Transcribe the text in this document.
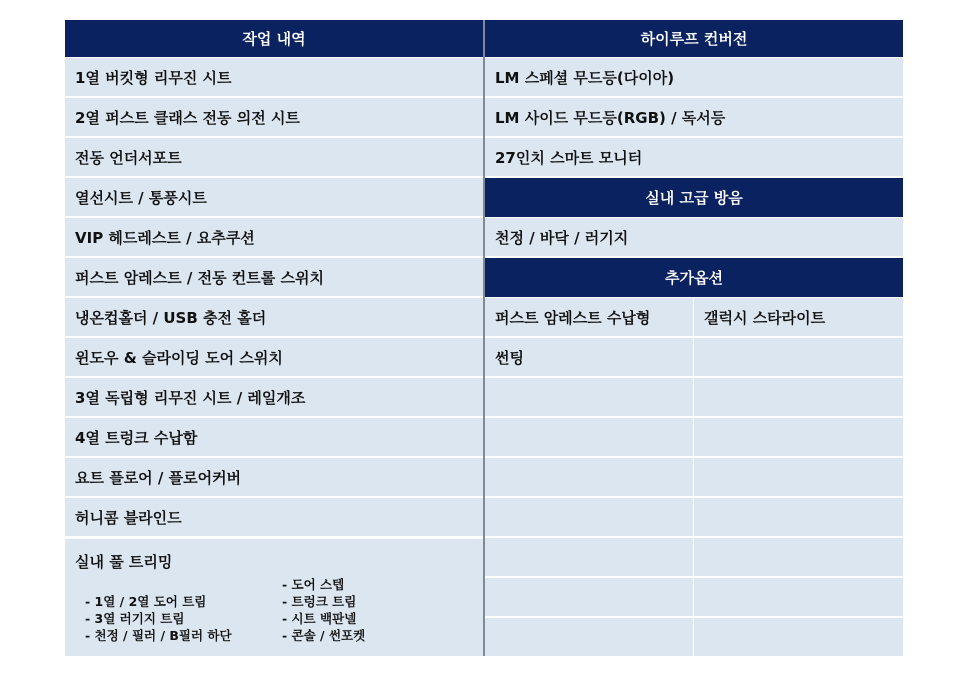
작업 내역
1열 버킷형 리무진 시트
2열 퍼스트 클래스 전동 의전 시트
전동 언더서포트
열선시트 / 통풍시트
VIP 헤드레스트 / 요추쿠션
퍼스트 암레스트 / 전동 컨트롤 스위치
냉온컵홀더 / USB 충전 홀더
윈도우 & 슬라이딩 도어 스위치
3열 독립형 리무진 시트 / 레일개조
4열 트렁크 수납함
요트 플로어 / 플로어커버
허니콤 블라인드
실내 풀 트리밍
- 1열 / 2열 도어 트림
- 3열 러기지 트림
- 천정 / 필러 / B필러 하단
- 도어 스텝
- 트렁크 트림
- 시트 백판넬
- 콘솔 / 썬포켓
하이루프 컨버전
LM 스페셜 무드등(다이아)
LM 사이드 무드등(RGB) / 독서등
27인치 스마트 모니터
실내 고급 방음
천정 / 바닥 / 러기지
추가옵션
퍼스트 암레스트 수납형	갤럭시 스타라이트
썬팅
